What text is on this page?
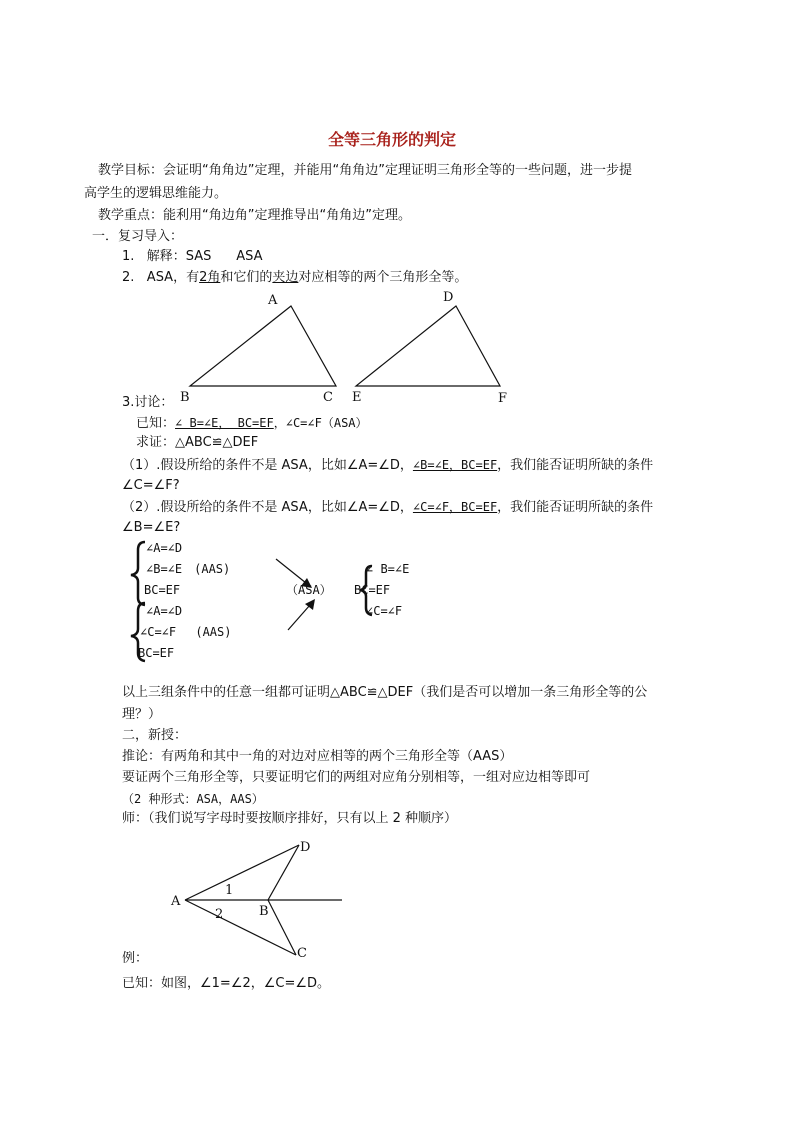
全等三角形的判定
教学目标：会证明“角角边”定理，并能用“角角边”定理证明三角形全等的一些问题，进一步提
高学生的逻辑思维能力。
教学重点：能利用“角边角”定理推导出“角角边”定理。
一．复习导入：
1.   解释：SAS      ASA
2.   ASA，有2角和它们的夹边对应相等的两个三角形全等。
A
B	C
D
E	F
A
B
C
D
1
2
3.讨论：
已知：∠ B=∠E， BC=EF，∠C=∠F（ASA）
求证：△ABC≌△DEF
（1）.假设所给的条件不是 ASA，比如∠A=∠D，∠B=∠E，BC=EF，我们能否证明所缺的条件
∠C=∠F?
（2）.假设所给的条件不是 ASA，比如∠A=∠D，∠C=∠F，BC=EF，我们能否证明所缺的条件
∠B=∠E?
∠A=∠D
∠B=∠E　(AAS)
BC=EF
∠A=∠D
∠C=∠F　 (AAS)
BC=EF
（ASA）
∠ B=∠E
BC=EF
∠C=∠F
以上三组条件中的任意一组都可证明△ABC≌△DEF（我们是否可以增加一条三角形全等的公
理？）
二，新授：
推论：有两角和其中一角的对边对应相等的两个三角形全等（AAS）
要证两个三角形全等，只要证明它们的两组对应角分别相等，一组对应边相等即可
（2 种形式：ASA，AAS）
师：（我们说写字母时要按顺序排好，只有以上 2 种顺序）
例：
已知：如图，∠1=∠2，∠C=∠D。
